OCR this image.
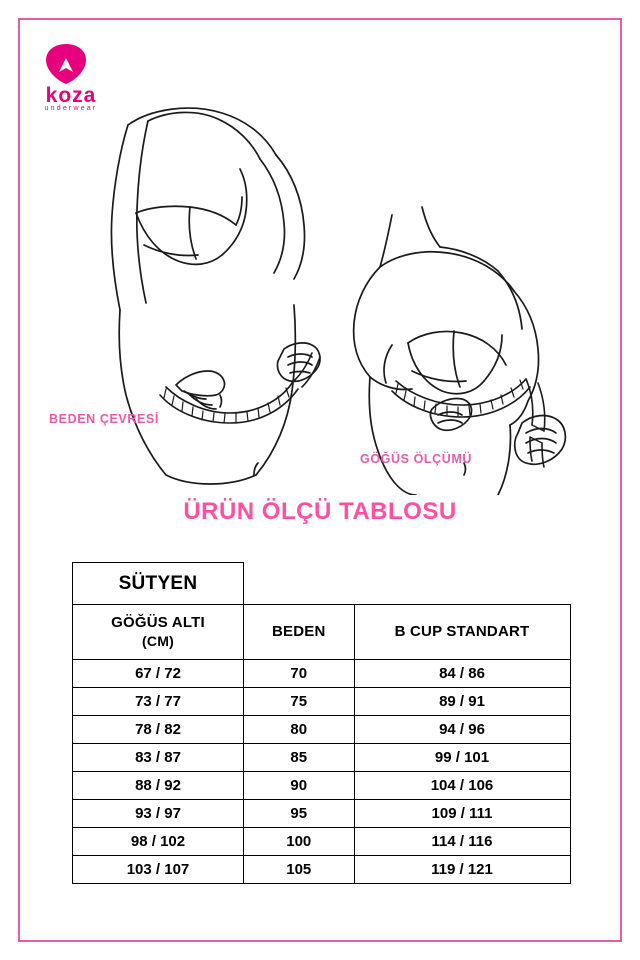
koza
underwear
BEDEN ÇEVRESİ
GÖĞÜS ÖLÇÜMÜ
ÜRÜN ÖLÇÜ TABLOSU
SÜTYEN		
GÖĞÜS ALTI
(CM)	BEDEN	B CUP STANDART
67 / 72	70	84 / 86
73 / 77	75	89 / 91
78 / 82	80	94 / 96
83 / 87	85	99 / 101
88 / 92	90	104 / 106
93 / 97	95	109 / 111
98 / 102	100	114 / 116
103 / 107	105	119 / 121
